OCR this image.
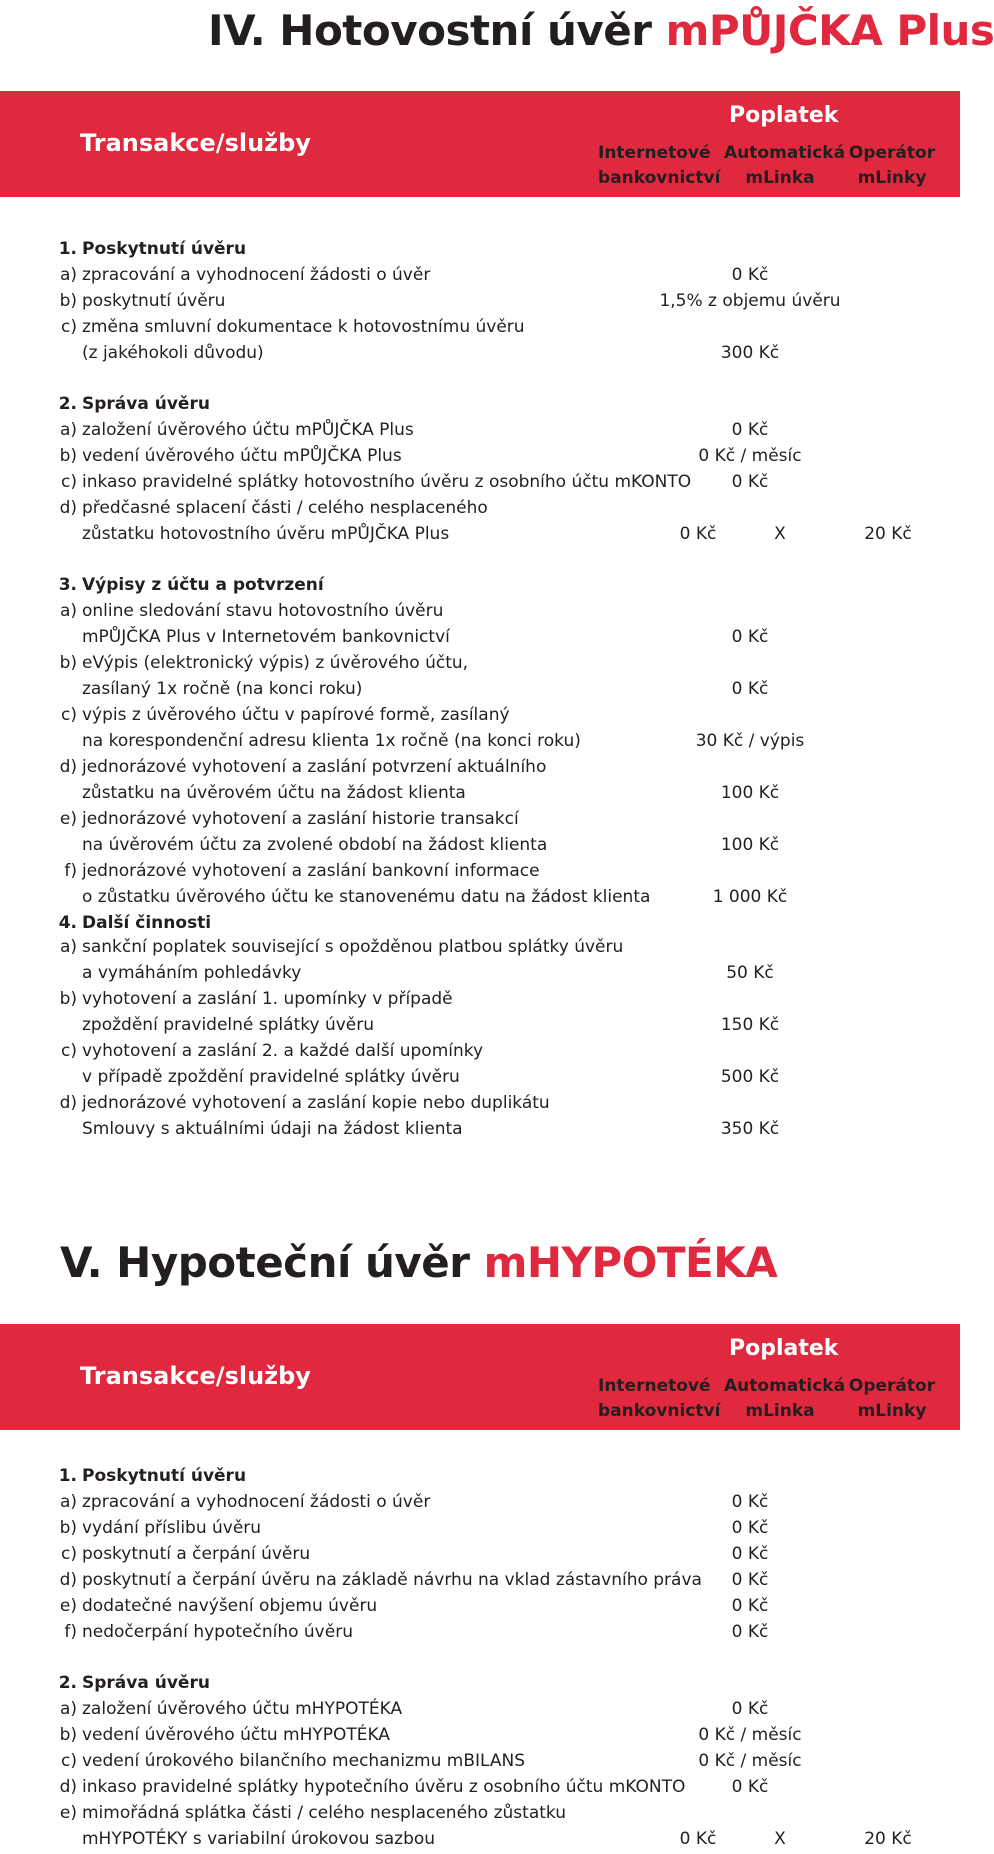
IV. Hotovostní úvěr mPŮJČKA Plus
Transakce/služby
Poplatek
Internetové
bankovnictví
Automatická
mLinka
Operátor
mLinky
1. Poskytnutí úvěru
a) zpracování a vyhodnocení žádosti o úvěr	0 Kč
b) poskytnutí úvěru	1,5% z objemu úvěru
c) změna smluvní dokumentace k hotovostnímu úvěru
(z jakéhokoli důvodu)	300 Kč
2. Správa úvěru
a) založení úvěrového účtu mPŮJČKA Plus	0 Kč
b) vedení úvěrového účtu mPŮJČKA Plus	0 Kč / měsíc
c) inkaso pravidelné splátky hotovostního úvěru z osobního účtu mKONTO	0 Kč
d) předčasné splacení části / celého nesplaceného
zůstatku hotovostního úvěru mPŮJČKA Plus	0 Kč	X	20 Kč
3. Výpisy z účtu a potvrzení
a) online sledování stavu hotovostního úvěru
mPŮJČKA Plus v Internetovém bankovnictví	0 Kč
b) eVýpis (elektronický výpis) z úvěrového účtu,
zasílaný 1x ročně (na konci roku)	0 Kč
c) výpis z úvěrového účtu v papírové formě, zasílaný
na korespondenční adresu klienta 1x ročně (na konci roku)	30 Kč / výpis
d) jednorázové vyhotovení a zaslání potvrzení aktuálního
zůstatku na úvěrovém účtu na žádost klienta	100 Kč
e) jednorázové vyhotovení a zaslání historie transakcí
na úvěrovém účtu za zvolené období na žádost klienta	100 Kč
f) jednorázové vyhotovení a zaslání bankovní informace
o zůstatku úvěrového účtu ke stanovenému datu na žádost klienta	1 000 Kč
4. Další činnosti
a) sankční poplatek související s opožděnou platbou splátky úvěru
a vymáháním pohledávky	50 Kč
b) vyhotovení a zaslání 1. upomínky v případě
zpoždění pravidelné splátky úvěru	150 Kč
c) vyhotovení a zaslání 2. a každé další upomínky
v případě zpoždění pravidelné splátky úvěru	500 Kč
d) jednorázové vyhotovení a zaslání kopie nebo duplikátu
Smlouvy s aktuálními údaji na žádost klienta	350 Kč
V. Hypoteční úvěr mHYPOTÉKA
Transakce/služby
Poplatek
Internetové
bankovnictví
Automatická
mLinka
Operátor
mLinky
1. Poskytnutí úvěru
a) zpracování a vyhodnocení žádosti o úvěr	0 Kč
b) vydání příslibu úvěru	0 Kč
c) poskytnutí a čerpání úvěru	0 Kč
d) poskytnutí a čerpání úvěru na základě návrhu na vklad zástavního práva	0 Kč
e) dodatečné navýšení objemu úvěru	0 Kč
f) nedočerpání hypotečního úvěru	0 Kč
2. Správa úvěru
a) založení úvěrového účtu mHYPOTÉKA	0 Kč
b) vedení úvěrového účtu mHYPOTÉKA	0 Kč / měsíc
c) vedení úrokového bilančního mechanizmu mBILANS	0 Kč / měsíc
d) inkaso pravidelné splátky hypotečního úvěru z osobního účtu mKONTO	0 Kč
e) mimořádná splátka části / celého nesplaceného zůstatku
mHYPOTÉKY s variabilní úrokovou sazbou	0 Kč	X	20 Kč
